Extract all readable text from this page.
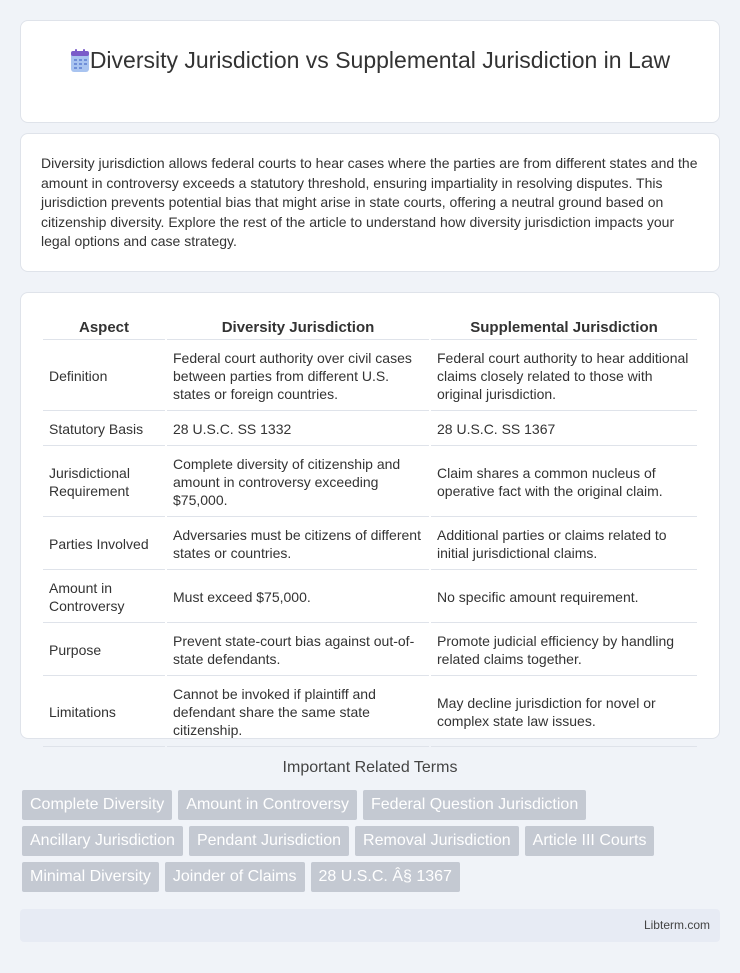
Diversity Jurisdiction vs Supplemental Jurisdiction in Law

Diversity jurisdiction allows federal courts to hear cases where the parties are from different states and the amount in controversy exceeds a statutory threshold, ensuring impartiality in resolving disputes. This jurisdiction prevents potential bias that might arise in state courts, offering a neutral ground based on citizenship diversity. Explore the rest of the article to understand how diversity jurisdiction impacts your legal options and case strategy.

Aspect	Diversity Jurisdiction	Supplemental Jurisdiction
Definition	Federal court authority over civil cases between parties from different U.S. states or foreign countries.	Federal court authority to hear additional claims closely related to those with original jurisdiction.
Statutory Basis	28 U.S.C. SS 1332	28 U.S.C. SS 1367
Jurisdictional Requirement	Complete diversity of citizenship and amount in controversy exceeding $75,000.	Claim shares a common nucleus of operative fact with the original claim.
Parties Involved	Adversaries must be citizens of different states or countries.	Additional parties or claims related to initial jurisdictional claims.
Amount in Controversy	Must exceed $75,000.	No specific amount requirement.
Purpose	Prevent state-court bias against out-of-state defendants.	Promote judicial efficiency by handling related claims together.
Limitations	Cannot be invoked if plaintiff and defendant share the same state citizenship.	May decline jurisdiction for novel or complex state law issues.
Important Related Terms
Complete Diversity	Amount in Controversy	Federal Question Jurisdiction
Ancillary Jurisdiction	Pendant Jurisdiction	Removal Jurisdiction	Article III Courts
Minimal Diversity	Joinder of Claims	28 U.S.C. Â§ 1367
Libterm.com
